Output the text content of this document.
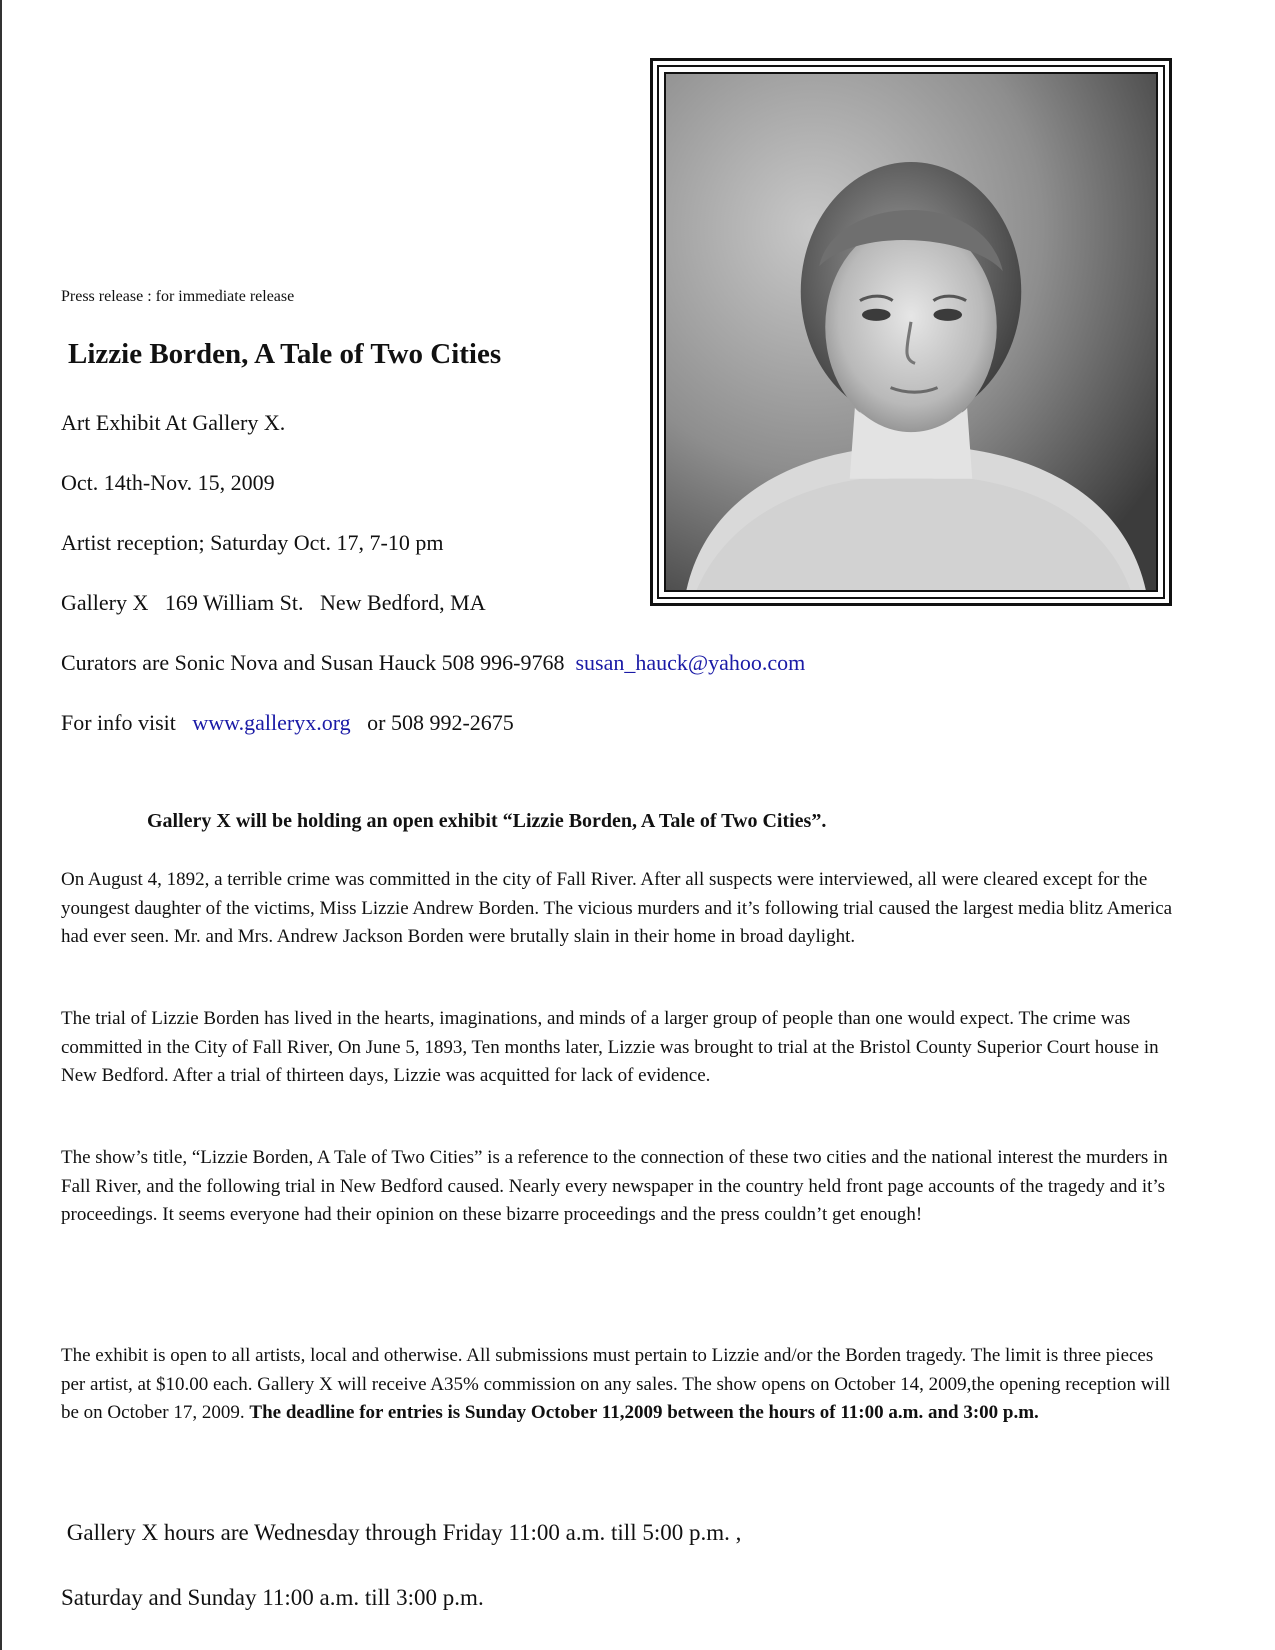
Press release : for immediate release
Lizzie Borden, A Tale of Two Cities
Art Exhibit At Gallery X.
Oct. 14th-Nov. 15, 2009
Artist reception; Saturday Oct. 17, 7-10 pm
Gallery X   169 William St.   New Bedford, MA
Curators are Sonic Nova and Susan Hauck 508 996-9768 susan_hauck@yahoo.com
For info visit www.galleryx.org or 508 992-2675
Gallery X will be holding an open exhibit “Lizzie Borden, A Tale of Two Cities”.
On August 4, 1892, a terrible crime was committed in the city of Fall River. After all suspects were interviewed, all were cleared except for the youngest daughter of the victims, Miss Lizzie Andrew Borden. The vicious murders and it’s following trial caused the largest media blitz America had ever seen. Mr. and Mrs. Andrew Jackson Borden were brutally slain in their home in broad daylight.
The trial of Lizzie Borden has lived in the hearts, imaginations, and minds of a larger group of people than one would expect. The crime was committed in the City of Fall River, On June 5, 1893, Ten months later, Lizzie was brought to trial at the Bristol County Superior Court house in New Bedford. After a trial of thirteen days, Lizzie was acquitted for lack of evidence.
The show’s title, “Lizzie Borden, A Tale of Two Cities” is a reference to the connection of these two cities and the national interest the murders in Fall River, and the following trial in New Bedford caused. Nearly every newspaper in the country held front page accounts of the tragedy and it’s proceedings. It seems everyone had their opinion on these bizarre proceedings and the press couldn’t get enough!
The exhibit is open to all artists, local and otherwise. All submissions must pertain to Lizzie and/or the Borden tragedy. The limit is three pieces per artist, at $10.00 each. Gallery X will receive A35% commission on any sales. The show opens on October 14, 2009,the opening reception will be on October 17, 2009. The deadline for entries is Sunday October 11,2009 between the hours of 11:00 a.m. and 3:00 p.m.
Gallery X hours are Wednesday through Friday 11:00 a.m. till 5:00 p.m. ,
Saturday and Sunday 11:00 a.m. till 3:00 p.m.
